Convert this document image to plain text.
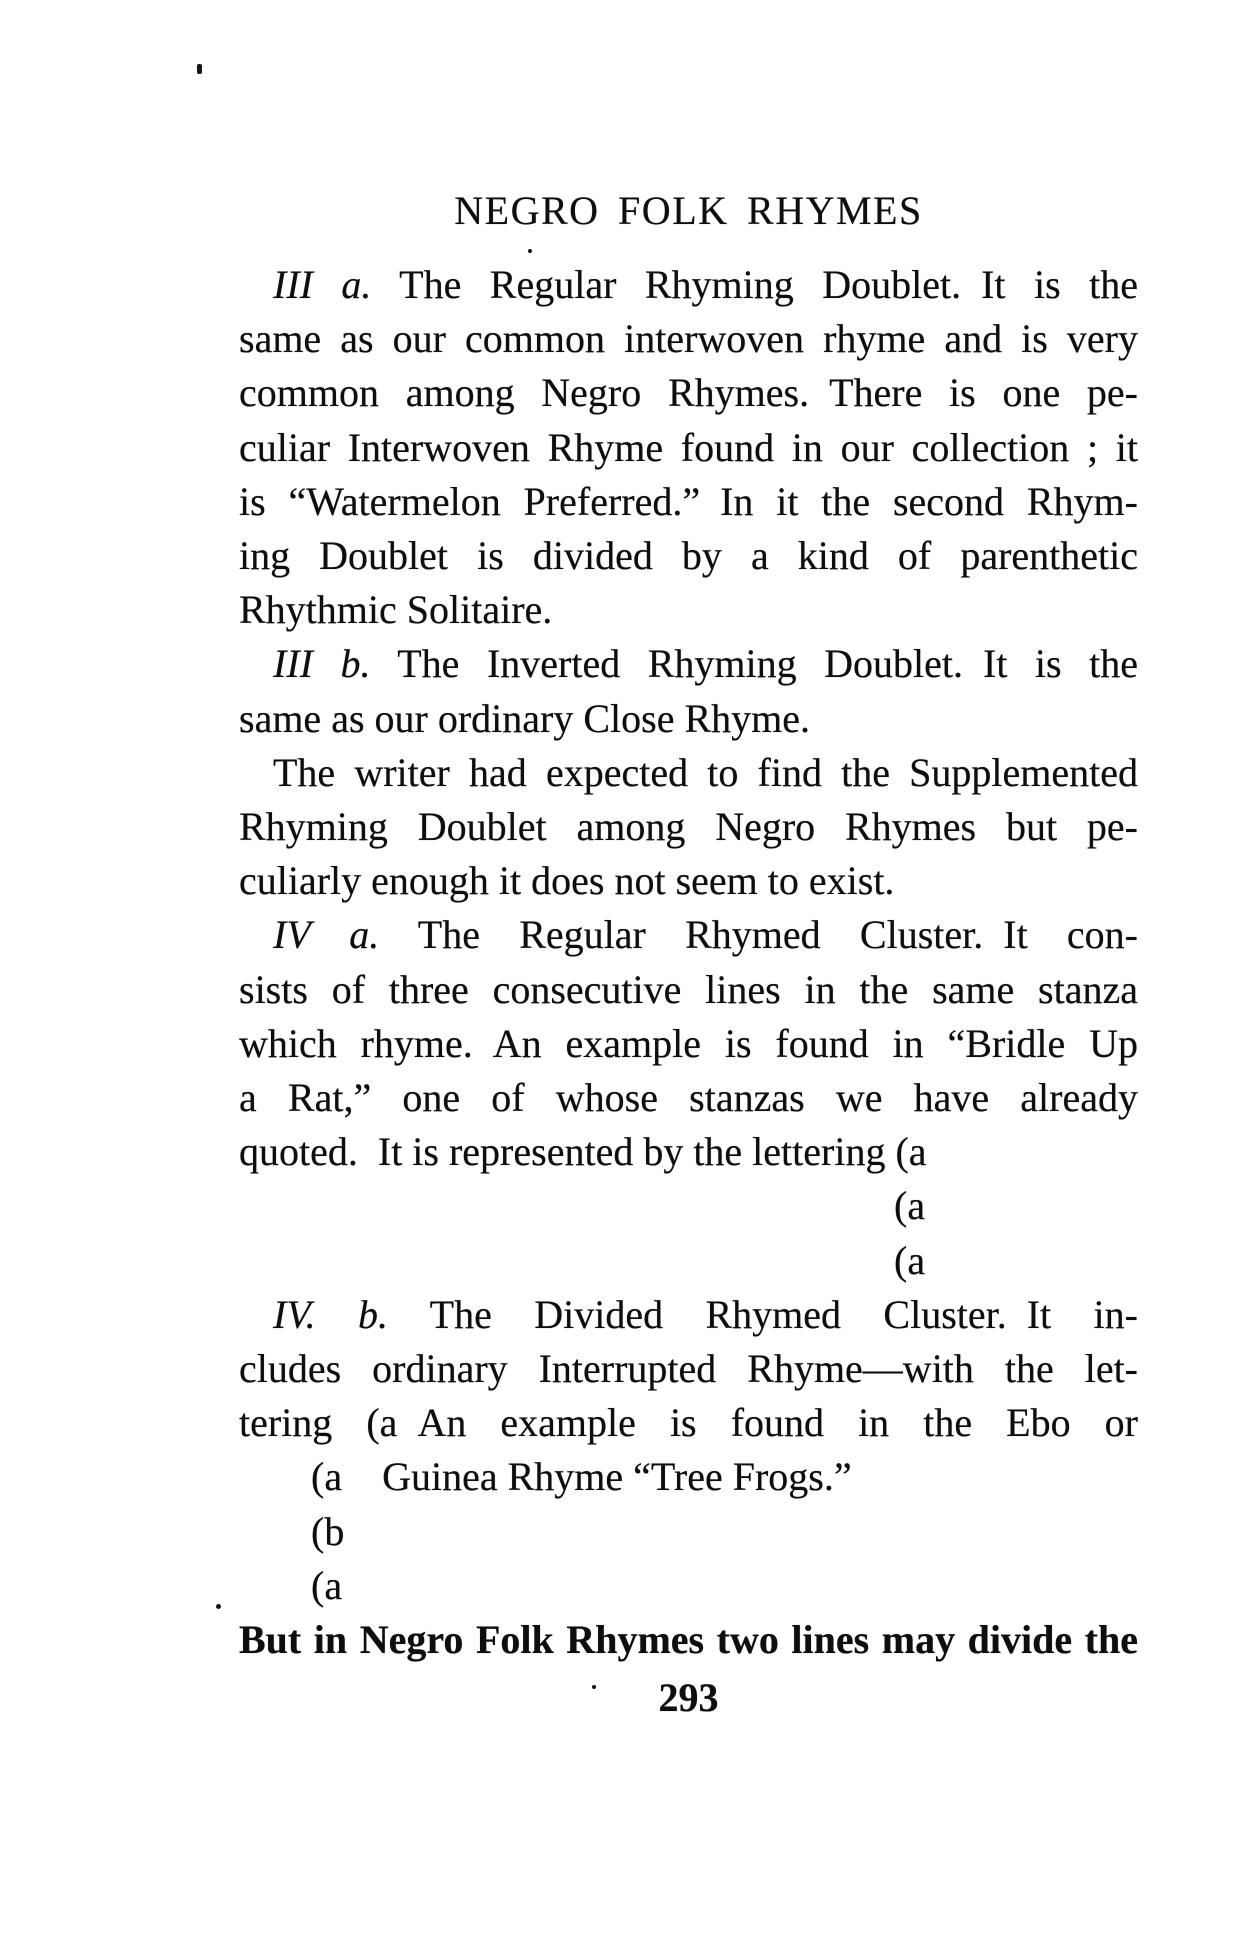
NEGRO FOLK RHYMES
III a. The Regular Rhyming Doublet. It is the
same as our common interwoven rhyme and is very
common among Negro Rhymes. There is one pe-
culiar Interwoven Rhyme found in our collection ; it
is “Watermelon Preferred.” In it the second Rhym-
ing Doublet is divided by a kind of parenthetic
Rhythmic Solitaire.
III b. The Inverted Rhyming Doublet. It is the
same as our ordinary Close Rhyme.
The writer had expected to find the Supplemented
Rhyming Doublet among Negro Rhymes but pe-
culiarly enough it does not seem to exist.
IV a. The Regular Rhymed Cluster. It con-
sists of three consecutive lines in the same stanza
which rhyme. An example is found in “Bridle Up
a Rat,” one of whose stanzas we have already
quoted. It is represented by the lettering (a
(a
(a
IV. b. The Divided Rhymed Cluster. It in-
cludes ordinary Interrupted Rhyme—with the let-
tering (a An example is found in the Ebo or
(a Guinea Rhyme “Tree Frogs.”
(b
(a
But in Negro Folk Rhymes two lines may divide the
293
